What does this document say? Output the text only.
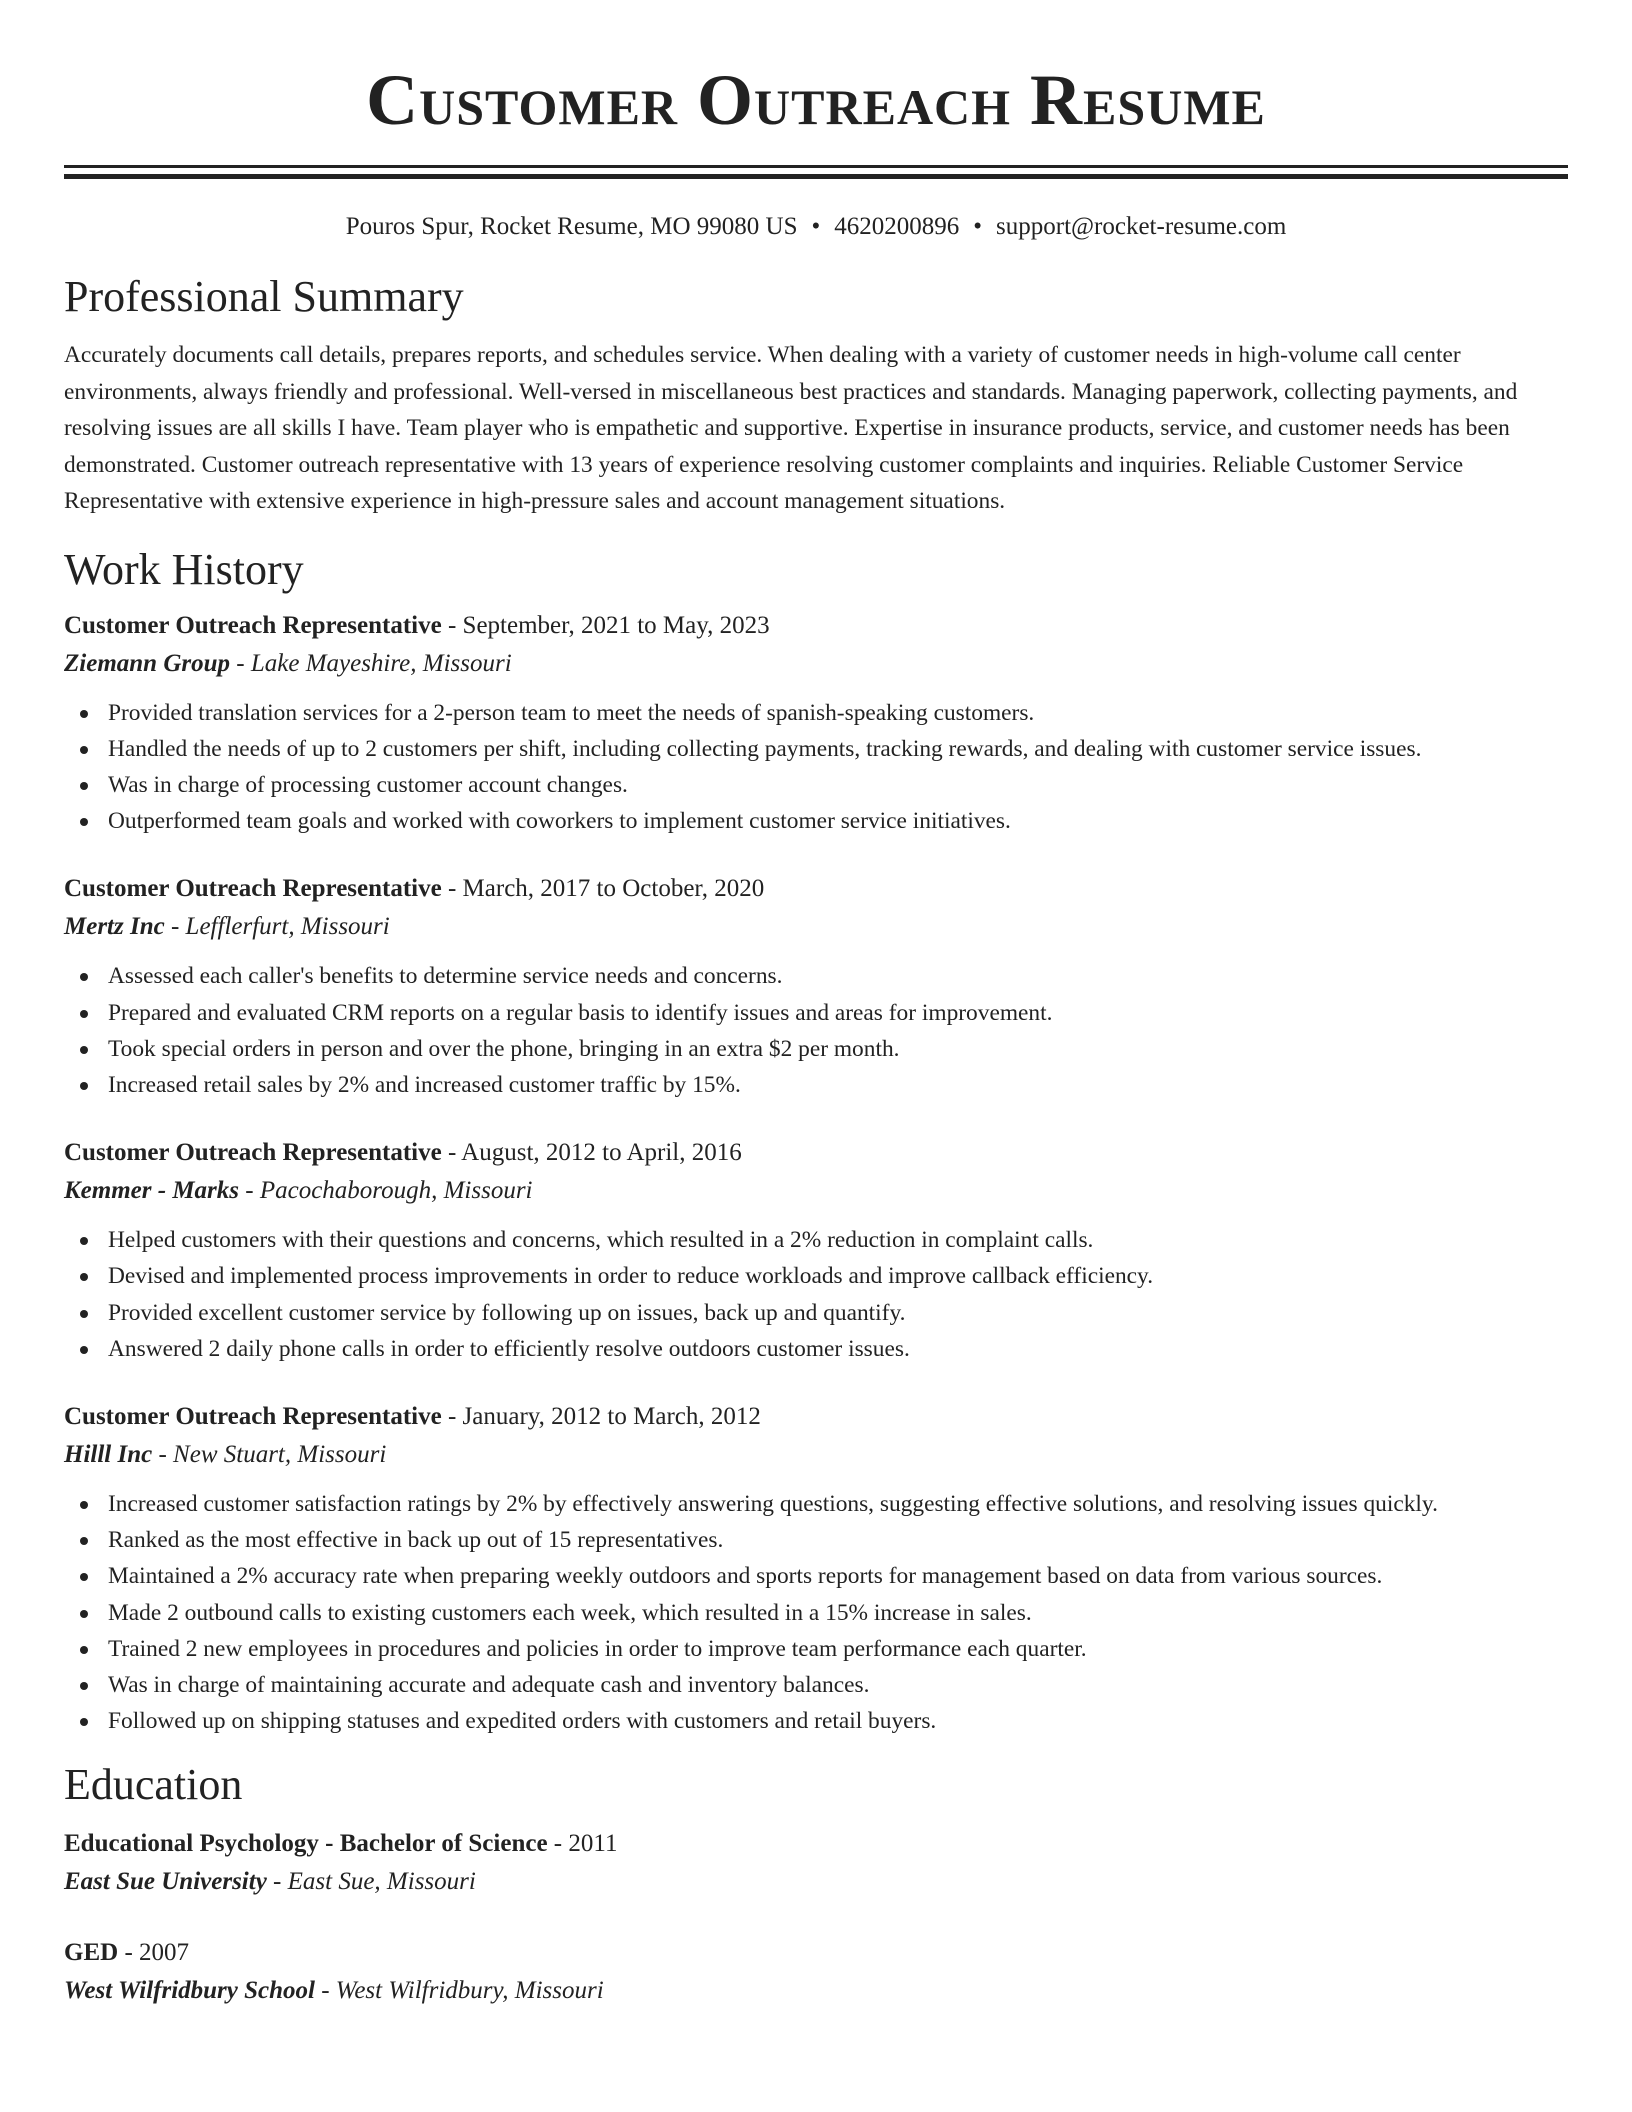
Customer Outreach Resume
Pouros Spur, Rocket Resume, MO 99080 US • 4620200896 • support@rocket-resume.com
Professional Summary
Accurately documents call details, prepares reports, and schedules service. When dealing with a variety of customer needs in high-volume call center environments, always friendly and professional. Well-versed in miscellaneous best practices and standards. Managing paperwork, collecting payments, and resolving issues are all skills I have. Team player who is empathetic and supportive. Expertise in insurance products, service, and customer needs has been demonstrated. Customer outreach representative with 13 years of experience resolving customer complaints and inquiries. Reliable Customer Service Representative with extensive experience in high-pressure sales and account management situations.
Work History
Customer Outreach Representative - September, 2021 to May, 2023
Ziemann Group - Lake Mayeshire, Missouri
Provided translation services for a 2-person team to meet the needs of spanish-speaking customers.
Handled the needs of up to 2 customers per shift, including collecting payments, tracking rewards, and dealing with customer service issues.
Was in charge of processing customer account changes.
Outperformed team goals and worked with coworkers to implement customer service initiatives.
Customer Outreach Representative - March, 2017 to October, 2020
Mertz Inc - Lefflerfurt, Missouri
Assessed each caller's benefits to determine service needs and concerns.
Prepared and evaluated CRM reports on a regular basis to identify issues and areas for improvement.
Took special orders in person and over the phone, bringing in an extra $2 per month.
Increased retail sales by 2% and increased customer traffic by 15%.
Customer Outreach Representative - August, 2012 to April, 2016
Kemmer - Marks - Pacochaborough, Missouri
Helped customers with their questions and concerns, which resulted in a 2% reduction in complaint calls.
Devised and implemented process improvements in order to reduce workloads and improve callback efficiency.
Provided excellent customer service by following up on issues, back up and quantify.
Answered 2 daily phone calls in order to efficiently resolve outdoors customer issues.
Customer Outreach Representative - January, 2012 to March, 2012
Hilll Inc - New Stuart, Missouri
Increased customer satisfaction ratings by 2% by effectively answering questions, suggesting effective solutions, and resolving issues quickly.
Ranked as the most effective in back up out of 15 representatives.
Maintained a 2% accuracy rate when preparing weekly outdoors and sports reports for management based on data from various sources.
Made 2 outbound calls to existing customers each week, which resulted in a 15% increase in sales.
Trained 2 new employees in procedures and policies in order to improve team performance each quarter.
Was in charge of maintaining accurate and adequate cash and inventory balances.
Followed up on shipping statuses and expedited orders with customers and retail buyers.
Education
Educational Psychology - Bachelor of Science - 2011
East Sue University - East Sue, Missouri
GED - 2007
West Wilfridbury School - West Wilfridbury, Missouri
